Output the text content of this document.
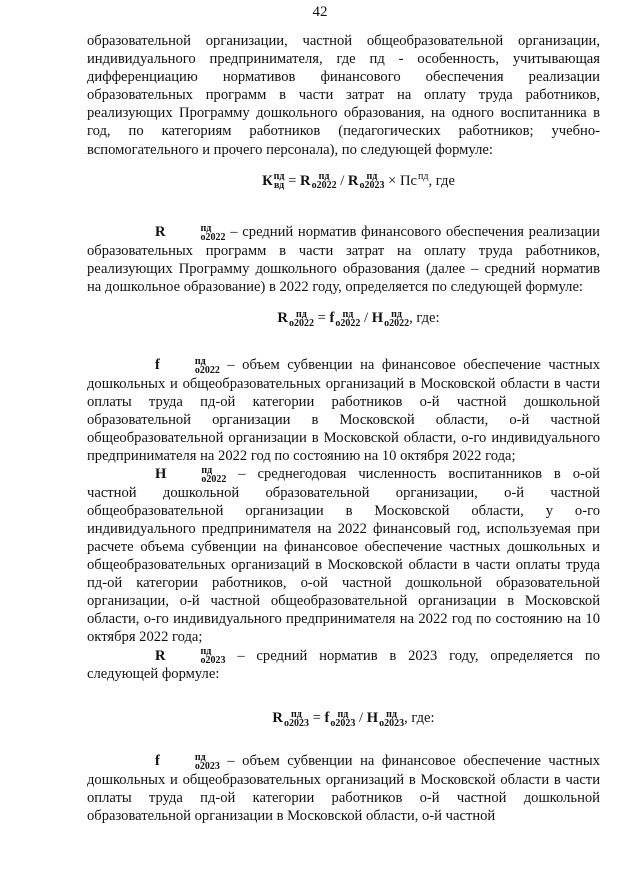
42

образовательной организации, частной общеобразовательной организации, индивидуального предпринимателя, где пд - особенность, учитывающая дифференциацию нормативов финансового обеспечения реализации образовательных программ в части затрат на оплату труда работников, реализующих Программу дошкольного образования, на одного воспитанника в год, по категориям работников (педагогических работников; учебно-вспомогательного и прочего персонала), по следующей формуле:

К пд
вд = R пд
о2022 / R пд
о2023 × Пс пд , где

R	пд
о2022 – средний норматив финансового обеспечения реализации образовательных программ в части затрат на оплату труда работников, реализующих Программу дошкольного образования (далее – средний норматив на дошкольное образование) в 2022 году, определяется по следующей формуле:

R пд
о2022 = f пд
о2022 / Н пд
о2022 , где:

f	пд
о2022 – объем субвенции на финансовое обеспечение частных дошкольных и общеобразовательных организаций в Московской области в части оплаты труда пд-ой категории работников о-й частной дошкольной образовательной организации в Московской области, о-й частной общеобразовательной организации в Московской области, о-го индивидуального предпринимателя на 2022 год по состоянию на 10 октября 2022 года;

Н	пд
о2022 – среднегодовая численность воспитанников в о-ой частной дошкольной образовательной организации, о-й частной общеобразовательной организации в Московской области, у о-го индивидуального предпринимателя на 2022 финансовый год, используемая при расчете объема субвенции на финансовое обеспечение частных дошкольных и общеобразовательных организаций в Московской области в части оплаты труда пд-ой категории работников, о-ой частной дошкольной образовательной организации, о-й частной общеобразовательной организации в Московской области, о-го индивидуального предпринимателя на 2022 год по состоянию на 10 октября 2022 года;

R	пд
о2023 – средний норматив в 2023 году, определяется по следующей формуле:

R пд
о2023 = f пд
о2023 / Н пд
о2023 , где:

f	пд
о2023 – объем субвенции на финансовое обеспечение частных дошкольных и общеобразовательных организаций в Московской области в части оплаты труда пд-ой категории работников о-й частной дошкольной образовательной организации в Московской области, о-й частной
